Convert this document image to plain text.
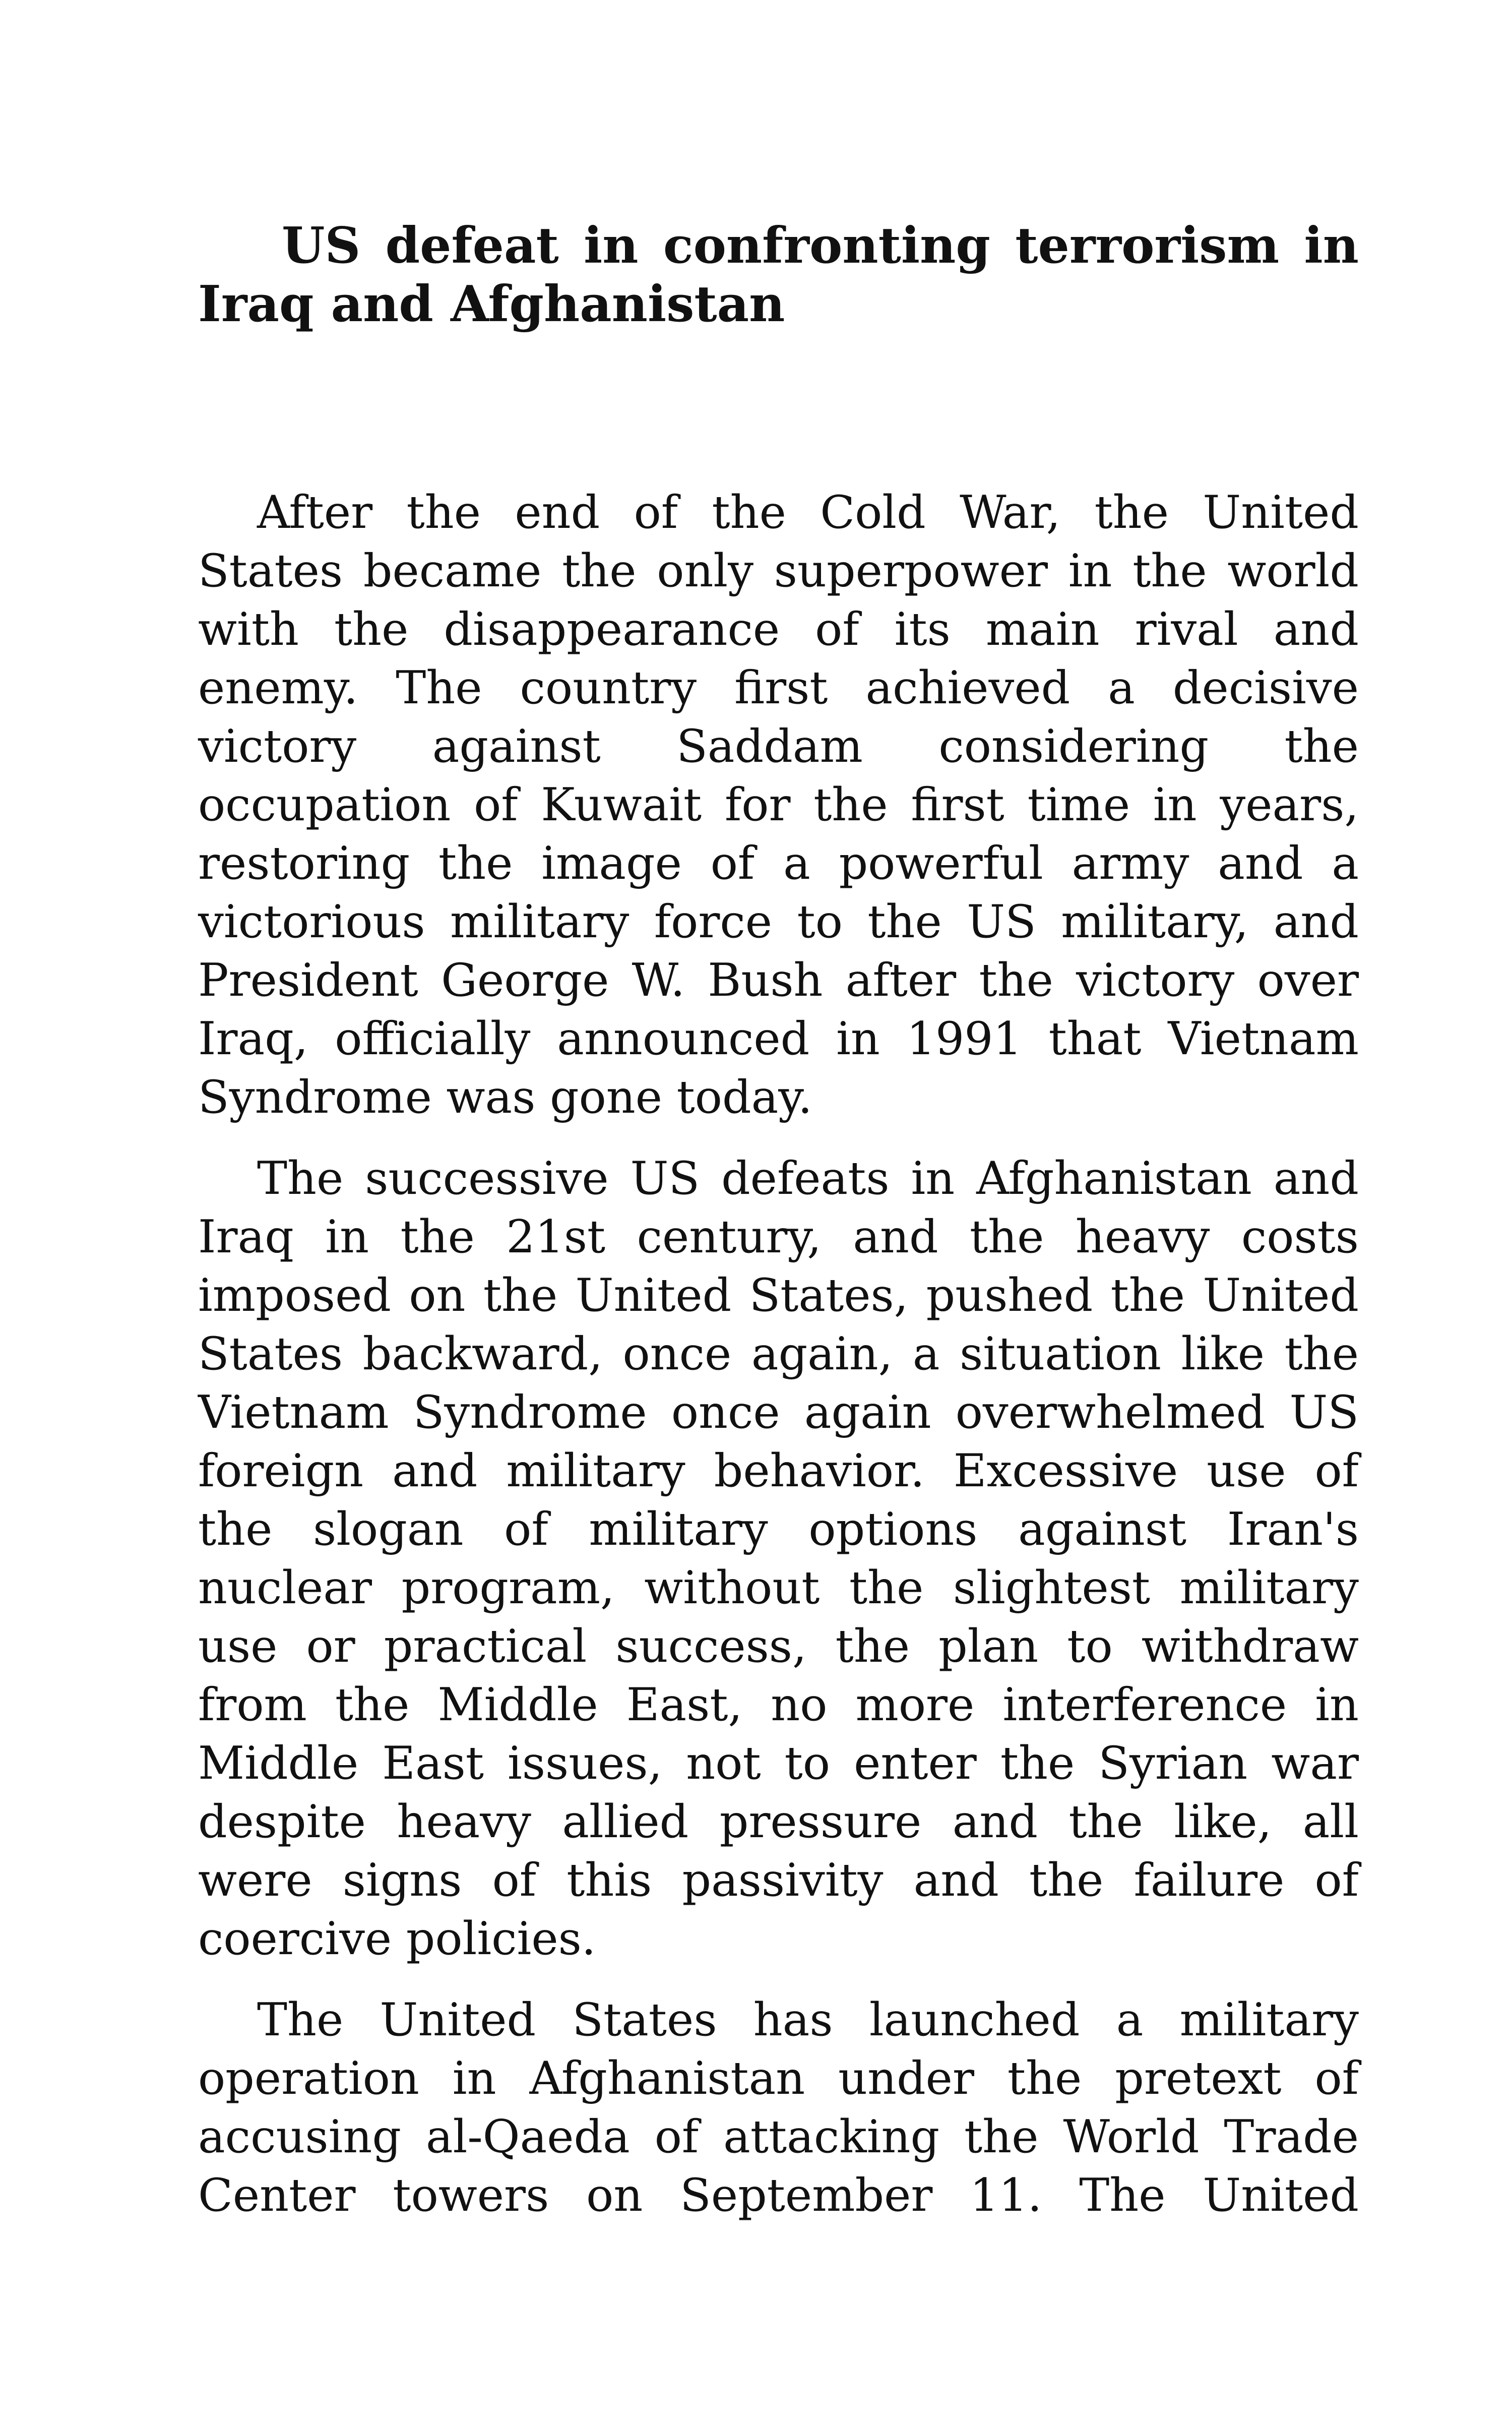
US defeat in confronting terrorism in Iraq and Afghanistan

After the end of the Cold War, the United States became the only superpower in the world with the disappearance of its main rival and enemy. The country first achieved a decisive victory against Saddam considering the occupation of Kuwait for the first time in years, restoring the image of a powerful army and a victorious military force to the US military, and President George W. Bush after the victory over Iraq, officially announced in 1991 that Vietnam Syndrome was gone today.

The successive US defeats in Afghanistan and Iraq in the 21st century, and the heavy costs imposed on the United States, pushed the United States backward, once again, a situation like the Vietnam Syndrome once again overwhelmed US foreign and military behavior. Excessive use of the slogan of military options against Iran's nuclear program, without the slightest military use or practical success, the plan to withdraw from the Middle East, no more interference in Middle East issues, not to enter the Syrian war despite heavy allied pressure and the like, all were signs of this passivity and the failure of coercive policies.

The United States has launched a military operation in Afghanistan under the pretext of accusing al-Qaeda of attacking the World Trade Center towers on September 11. The United
